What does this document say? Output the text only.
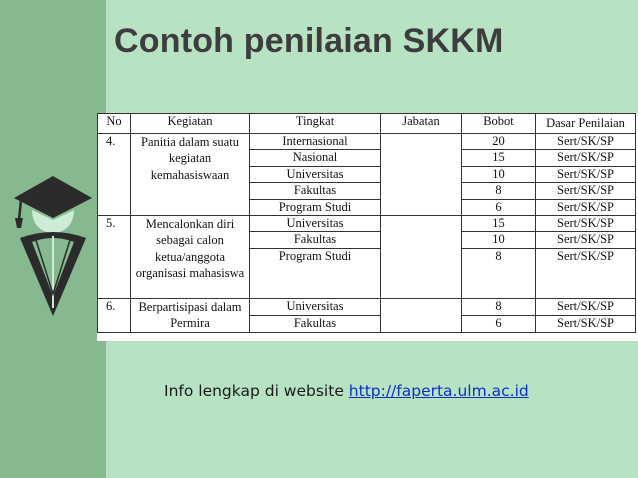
Contoh penilaian SKKM
No	Kegiatan	Tingkat	Jabatan	Bobot	Dasar Penilaian
4.	Panitia dalam suatu kegiatan kemahasiswaan	Internasional		20	Sert/SK/SP
		Nasional		15	Sert/SK/SP
		Universitas		10	Sert/SK/SP
		Fakultas		8	Sert/SK/SP
		Program Studi		6	Sert/SK/SP
5.	Mencalonkan diri sebagai calon ketua/anggota organisasi mahasiswa	Universitas		15	Sert/SK/SP
		Fakultas		10	Sert/SK/SP
		Program Studi		8	Sert/SK/SP
6.	Berpartisipasi dalam Permira	Universitas		8	Sert/SK/SP
		Fakultas		6	Sert/SK/SP
Info lengkap di website http://faperta.ulm.ac.id
